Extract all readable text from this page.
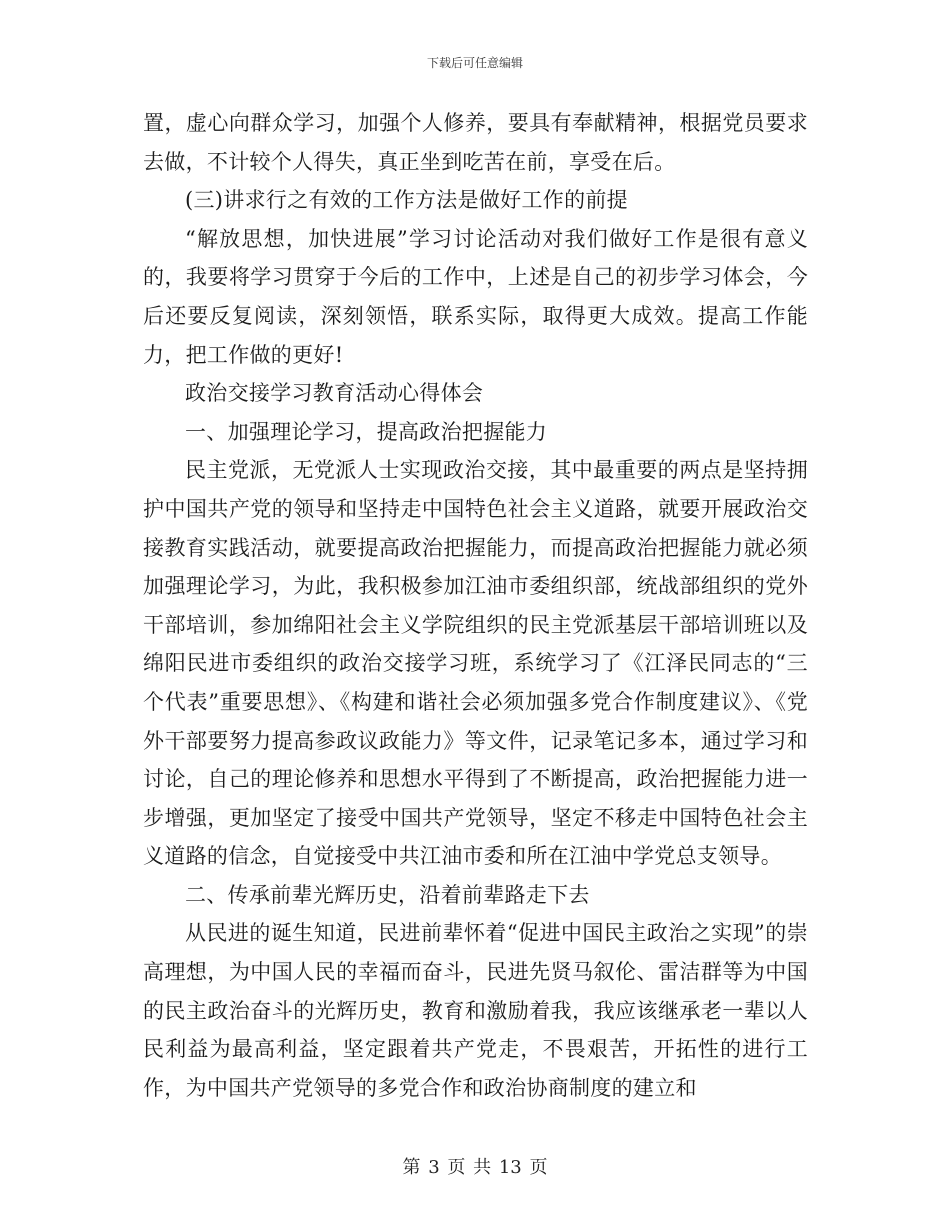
下载后可任意编辑

置，虚心向群众学习，加强个人修养，要具有奉献精神，根据党员要求去做，不计较个人得失，真正坐到吃苦在前，享受在后。

(三)讲求行之有效的工作方法是做好工作的前提

“解放思想，加快进展”学习讨论活动对我们做好工作是很有意义的，我要将学习贯穿于今后的工作中，上述是自己的初步学习体会，今后还要反复阅读，深刻领悟，联系实际，取得更大成效。提高工作能力，把工作做的更好!

政治交接学习教育活动心得体会

一、加强理论学习，提高政治把握能力

民主党派，无党派人士实现政治交接，其中最重要的两点是坚持拥护中国共产党的领导和坚持走中国特色社会主义道路，就要开展政治交接教育实践活动，就要提高政治把握能力，而提高政治把握能力就必须加强理论学习，为此，我积极参加江油市委组织部，统战部组织的党外干部培训，参加绵阳社会主义学院组织的民主党派基层干部培训班以及绵阳民进市委组织的政治交接学习班，系统学习了《江泽民同志的“三个代表”重要思想》、《构建和谐社会必须加强多党合作制度建议》、《党外干部要努力提高参政议政能力》等文件，记录笔记多本，通过学习和讨论，自己的理论修养和思想水平得到了不断提高，政治把握能力进一步增强，更加坚定了接受中国共产党领导，坚定不移走中国特色社会主义道路的信念，自觉接受中共江油市委和所在江油中学党总支领导。

二、传承前辈光辉历史，沿着前辈路走下去

从民进的诞生知道，民进前辈怀着“促进中国民主政治之实现”的崇高理想，为中国人民的幸福而奋斗，民进先贤马叙伦、雷洁群等为中国的民主政治奋斗的光辉历史，教育和激励着我，我应该继承老一辈以人民利益为最高利益，坚定跟着共产党走，不畏艰苦，开拓性的进行工作，为中国共产党领导的多党合作和政治协商制度的建立和

第 3 页 共 13 页
